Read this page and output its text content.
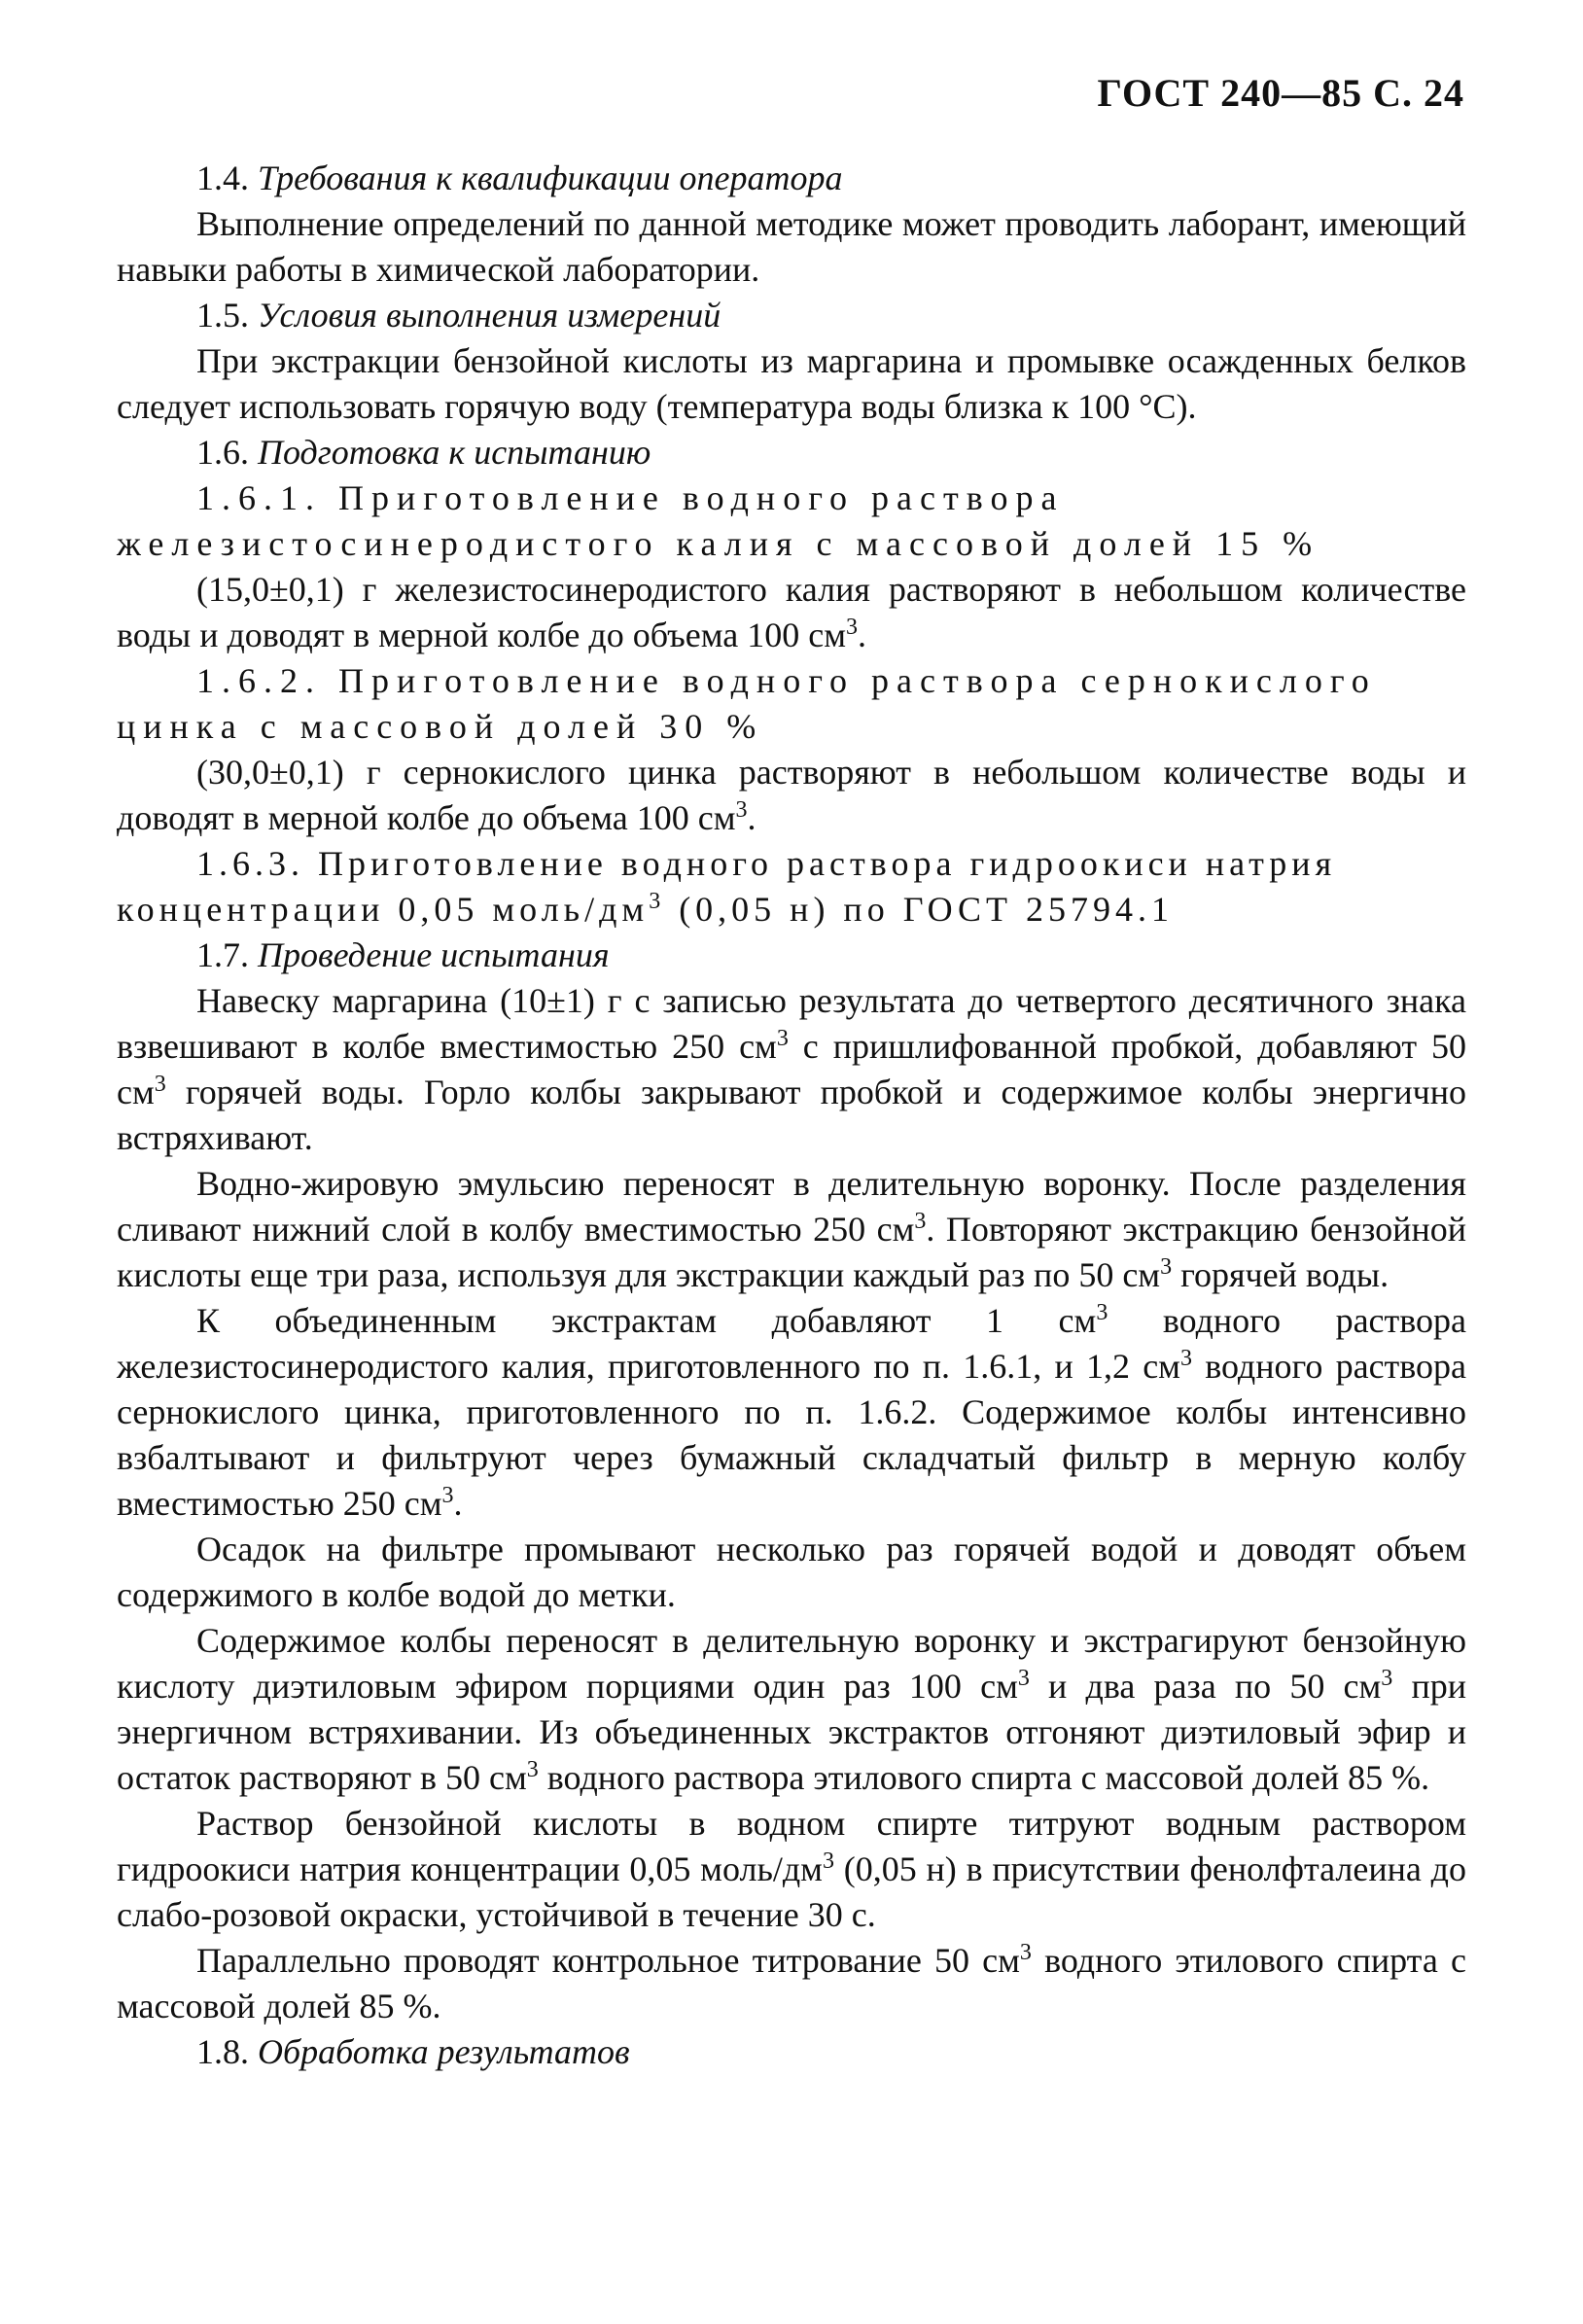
ГОСТ 240—85 С. 24

1.4. Требования к квалификации оператора

Выполнение определений по данной методике может проводить лаборант, имеющий навыки работы в химической лаборатории.

1.5. Условия выполнения измерений

При экстракции бензойной кислоты из маргарина и промывке осажденных белков следует использовать горячую воду (температура воды близка к 100 °С).

1.6. Подготовка к испытанию

1.6.1. Приготовление водного раствора железистосинеродистого калия с массовой долей 15 %

(15,0±0,1) г железистосинеродистого калия растворяют в небольшом количестве воды и доводят в мерной колбе до объема 100 $см^3$.

1.6.2. Приготовление водного раствора сернокислого цинка с массовой долей 30 %

(30,0±0,1) г сернокислого цинка растворяют в небольшом количестве воды и доводят в мерной колбе до объема 100 $см^3$.

1.6.3. Приготовление водного раствора гидроокиси натрия концентрации 0,05 моль/$дм^3$ (0,05 н) по ГОСТ 25794.1

1.7. Проведение испытания

Навеску маргарина (10±1) г с записью результата до четвертого десятичного знака взвешивают в колбе вместимостью 250 $см^3$ с пришлифованной пробкой, добавляют 50 $см^3$ горячей воды. Горло колбы закрывают пробкой и содержимое колбы энергично встряхивают.

Водно-жировую эмульсию переносят в делительную воронку. После разделения сливают нижний слой в колбу вместимостью 250 $см^3$. Повторяют экстракцию бензойной кислоты еще три раза, используя для экстракции каждый раз по 50 $см^3$ горячей воды.

К объединенным экстрактам добавляют 1 $см^3$ водного раствора железистосинеродистого калия, приготовленного по п. 1.6.1, и 1,2 $см^3$ водного раствора сернокислого цинка, приготовленного по п. 1.6.2. Содержимое колбы интенсивно взбалтывают и фильтруют через бумажный складчатый фильтр в мерную колбу вместимостью 250 $см^3$.

Осадок на фильтре промывают несколько раз горячей водой и доводят объем содержимого в колбе водой до метки.

Содержимое колбы переносят в делительную воронку и экстрагируют бензойную кислоту диэтиловым эфиром порциями один раз 100 $см^3$ и два раза по 50 $см^3$ при энергичном встряхивании. Из объединенных экстрактов отгоняют диэтиловый эфир и остаток растворяют в 50 $см^3$ водного раствора этилового спирта с массовой долей 85 %.

Раствор бензойной кислоты в водном спирте титруют водным раствором гидроокиси натрия концентрации 0,05 моль/$дм^3$ (0,05 н) в присутствии фенолфталеина до слабо-розовой окраски, устойчивой в течение 30 с.

Параллельно проводят контрольное титрование 50 $см^3$ водного этилового спирта с массовой долей 85 %.

1.8. Обработка результатов
